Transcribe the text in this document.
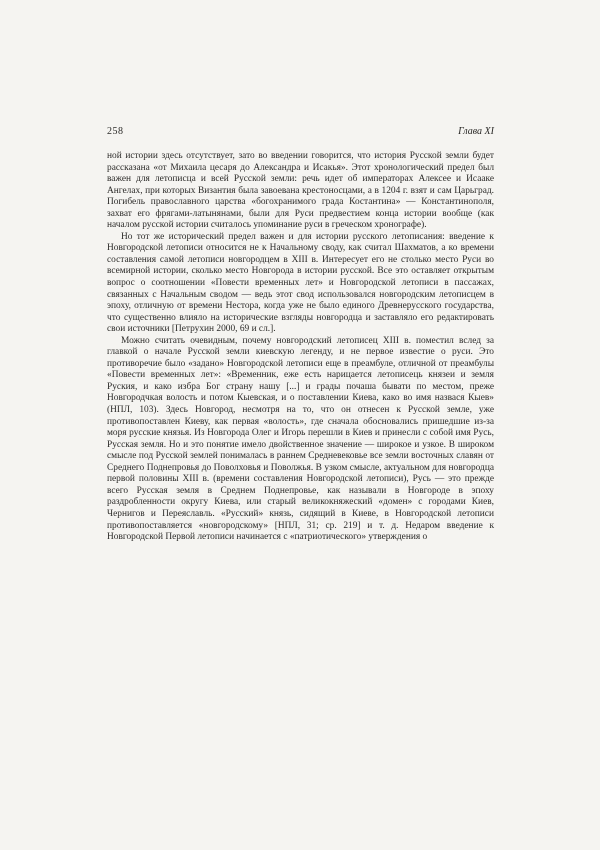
258	Глава XI

ной истории здесь отсутствует, зато во введении говорится, что история Русской земли будет рассказана «от Михаила цесаря до Александра и Исакья». Этот хронологический предел был важен для летописца и всей Русской земли: речь идет об императорах Алексее и Исааке Ангелах, при которых Византия была завоевана крестоносцами, а в 1204 г. взят и сам Царьград. Погибель православного царства «богохранимого града Костантина» — Константинополя, захват его фрягами-латынянами, были для Руси предвестием конца истории вообще (как началом русской истории считалось упоминание руси в греческом хронографе).

Но тот же исторический предел важен и для истории русского летописания: введение к Новгородской летописи относится не к Начальному своду, как считал Шахматов, а ко времени составления самой летописи новгородцем в XIII в. Интересует его не столько место Руси во всемирной истории, сколько место Новгорода в истории русской. Все это оставляет открытым вопрос о соотношении «Повести временных лет» и Новгородской летописи в пассажах, связанных с Начальным сводом — ведь этот свод использовался новгородским летописцем в эпоху, отличную от времени Нестора, когда уже не было единого Древнерусского государства, что существенно влияло на исторические взгляды новгородца и заставляло его редактировать свои источники [Петрухин 2000, 69 и сл.].

Можно считать очевидным, почему новгородский летописец XIII в. поместил вслед за главкой о начале Русской земли киевскую легенду, и не первое известие о руси. Это противоречие было «задано» Новгородской летописи еще в преамбуле, отличной от преамбулы «Повести временных лет»: «Временник, еже есть нарицается летописець князеи и земля Руския, и како избра Бог страну нашу [...] и грады почаша бывати по местом, преже Новгородчкая волость и потом Кыевская, и о поставлении Киева, како во имя назвася Кыев» (НПЛ, 103). Здесь Новгород, несмотря на то, что он отнесен к Русской земле, уже противопоставлен Киеву, как первая «волость», где сначала обосновались пришедшие из-за моря русские князья. Из Новгорода Олег и Игорь перешли в Киев и принесли с собой имя Русь, Русская земля. Но и это понятие имело двойственное значение — широкое и узкое. В широком смысле под Русской землей понималась в раннем Средневековье все земли восточных славян от Среднего Поднепровья до Поволховья и Поволжья. В узком смысле, актуальном для новгородца первой половины XIII в. (времени составления Новгородской летописи), Русь — это прежде всего Русская земля в Среднем Поднепровье, как называли в Новгороде в эпоху раздробленности округу Киева, или старый великокняжеский «домен» с городами Киев, Чернигов и Переяславль. «Русский» князь, сидящий в Киеве, в Новгородской летописи противопоставляется «новгородскому» [НПЛ, 31; ср. 219] и т. д. Недаром введение к Новгородской Первой летописи начинается с «патриотического» утверждения о
